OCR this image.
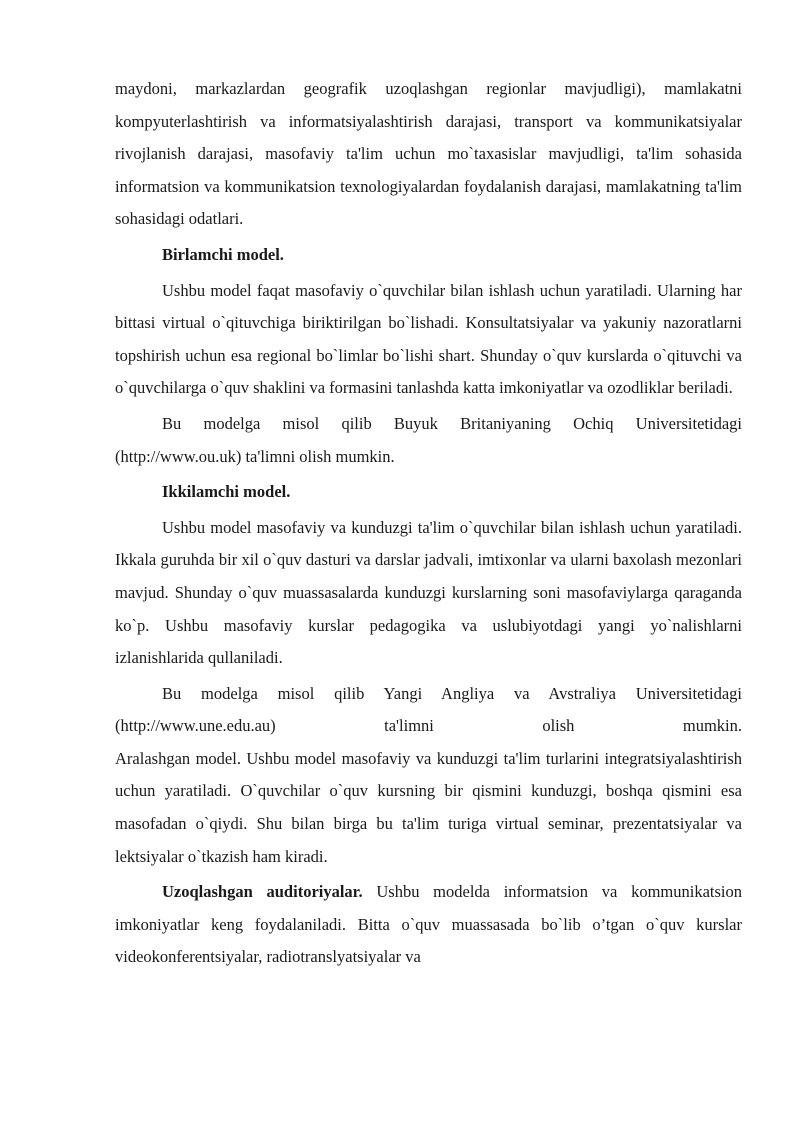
maydoni, markazlardan geografik uzoqlashgan regionlar mavjudligi), mamlakatni kompyuterlashtirish va informatsiyalashtirish darajasi, transport va kommunikatsiyalar rivojlanish darajasi, masofaviy ta'lim uchun mo`taxasislar mavjudligi, ta'lim sohasida informatsion va kommunikatsion texnologiyalardan foydalanish darajasi, mamlakatning ta'lim sohasidagi odatlari.

Birlamchi model.

Ushbu model faqat masofaviy o`quvchilar bilan ishlash uchun yaratiladi. Ularning har bittasi virtual o`qituvchiga biriktirilgan bo`lishadi. Konsultatsiyalar va yakuniy nazoratlarni topshirish uchun esa regional bo`limlar bo`lishi shart. Shunday o`quv kurslarda o`qituvchi va o`quvchilarga o`quv shaklini va formasini tanlashda katta imkoniyatlar va ozodliklar beriladi.

Bu modelga misol qilib Buyuk Britaniyaning Ochiq Universitetidagi (http://www.ou.uk) ta'limni olish mumkin.

Ikkilamchi model.

Ushbu model masofaviy va kunduzgi ta'lim o`quvchilar bilan ishlash uchun yaratiladi. Ikkala guruhda bir xil o`quv dasturi va darslar jadvali, imtixonlar va ularni baxolash mezonlari mavjud. Shunday o`quv muassasalarda kunduzgi kurslarning soni masofaviylarga qaraganda ko`p. Ushbu masofaviy kurslar pedagogika va uslubiyotdagi yangi yo`nalishlarni izlanishlarida qullaniladi.

Bu modelga misol qilib Yangi Angliya va Avstraliya Universitetidagi (http://www.une.edu.au) ta'limni olish mumkin.

Aralashgan model. Ushbu model masofaviy va kunduzgi ta'lim turlarini integratsiyalashtirish uchun yaratiladi. O`quvchilar o`quv kursning bir qismini kunduzgi, boshqa qismini esa masofadan o`qiydi. Shu bilan birga bu ta'lim turiga virtual seminar, prezentatsiyalar va lektsiyalar o`tkazish ham kiradi.

Uzoqlashgan auditoriyalar. Ushbu modelda informatsion va kommunikatsion imkoniyatlar keng foydalaniladi. Bitta o`quv muassasada bo`lib o’tgan o`quv kurslar videokonferentsiyalar, radiotranslyatsiyalar va
